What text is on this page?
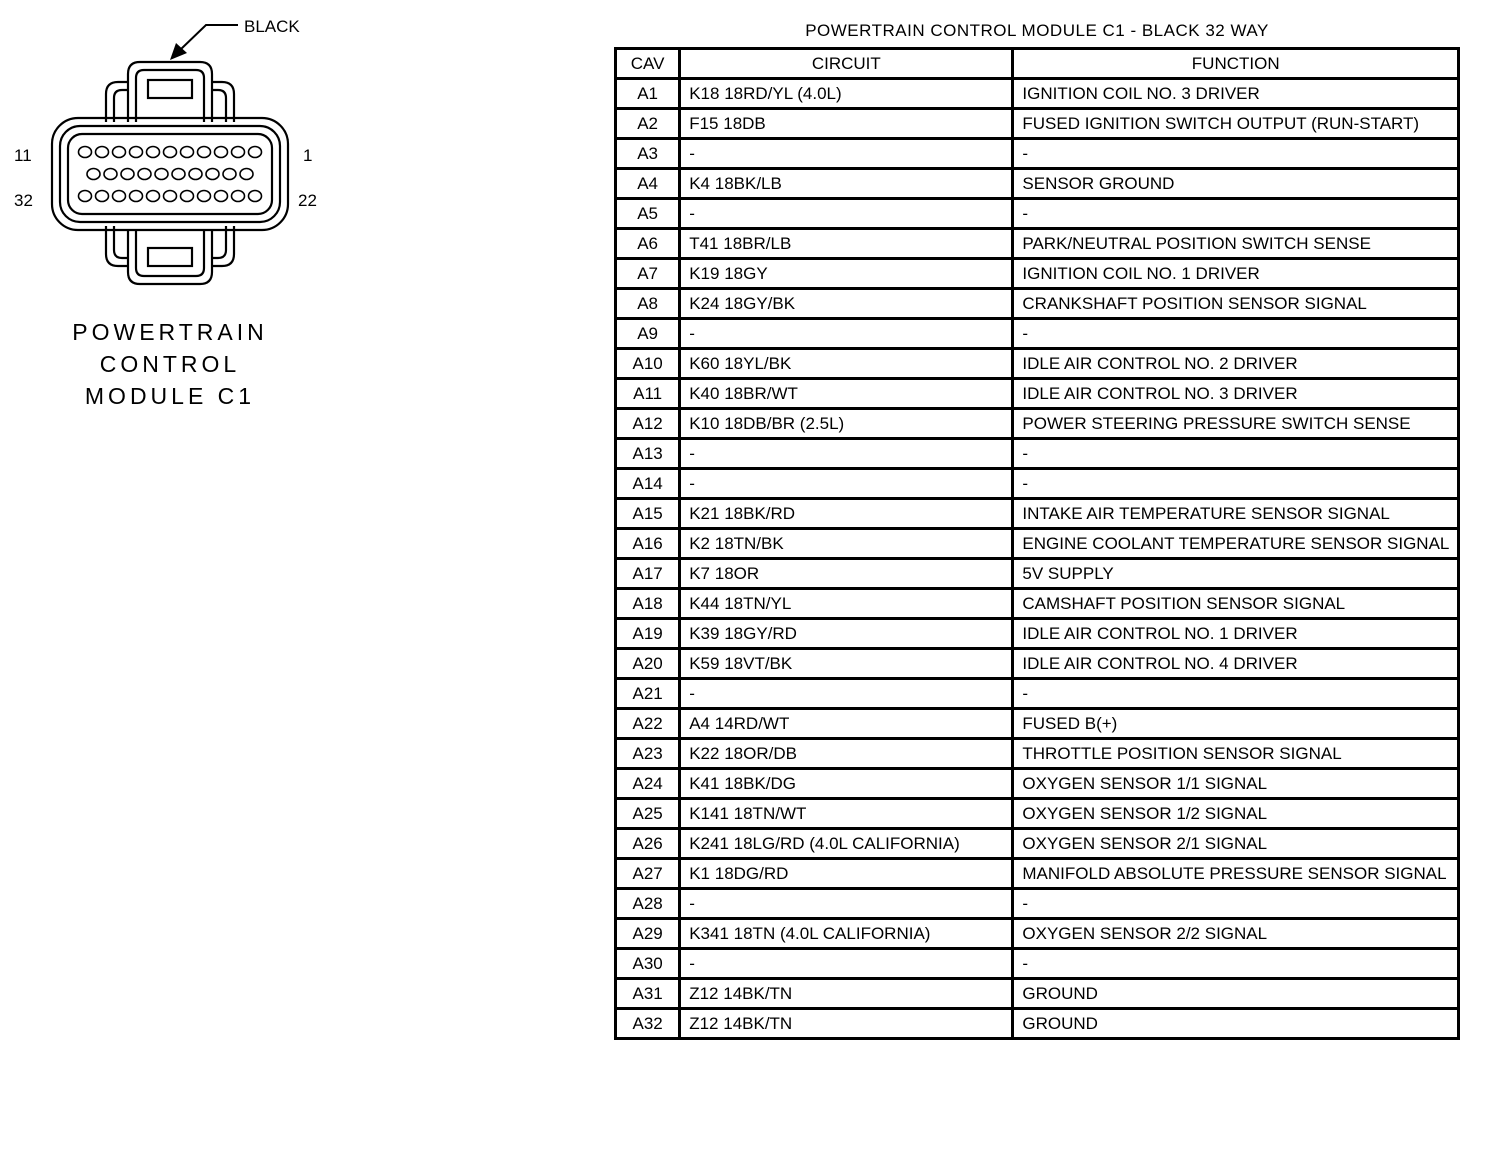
BLACK
11	1
32	22
POWERTRAIN
CONTROL
MODULE C1
POWERTRAIN CONTROL MODULE C1 - BLACK 32 WAY
CAV	CIRCUIT	FUNCTION
A1	K18 18RD/YL (4.0L)	IGNITION COIL NO. 3 DRIVER
A2	F15 18DB	FUSED IGNITION SWITCH OUTPUT (RUN-START)
A3	-	-
A4	K4 18BK/LB	SENSOR GROUND
A5	-	-
A6	T41 18BR/LB	PARK/NEUTRAL POSITION SWITCH SENSE
A7	K19 18GY	IGNITION COIL NO. 1 DRIVER
A8	K24 18GY/BK	CRANKSHAFT POSITION SENSOR SIGNAL
A9	-	-
A10	K60 18YL/BK	IDLE AIR CONTROL NO. 2 DRIVER
A11	K40 18BR/WT	IDLE AIR CONTROL NO. 3 DRIVER
A12	K10 18DB/BR (2.5L)	POWER STEERING PRESSURE SWITCH SENSE
A13	-	-
A14	-	-
A15	K21 18BK/RD	INTAKE AIR TEMPERATURE SENSOR SIGNAL
A16	K2 18TN/BK	ENGINE COOLANT TEMPERATURE SENSOR SIGNAL
A17	K7 18OR	5V SUPPLY
A18	K44 18TN/YL	CAMSHAFT POSITION SENSOR SIGNAL
A19	K39 18GY/RD	IDLE AIR CONTROL NO. 1 DRIVER
A20	K59 18VT/BK	IDLE AIR CONTROL NO. 4 DRIVER
A21	-	-
A22	A4 14RD/WT	FUSED B(+)
A23	K22 18OR/DB	THROTTLE POSITION SENSOR SIGNAL
A24	K41 18BK/DG	OXYGEN SENSOR 1/1 SIGNAL
A25	K141 18TN/WT	OXYGEN SENSOR 1/2 SIGNAL
A26	K241 18LG/RD (4.0L CALIFORNIA)	OXYGEN SENSOR 2/1 SIGNAL
A27	K1 18DG/RD	MANIFOLD ABSOLUTE PRESSURE SENSOR SIGNAL
A28	-	-
A29	K341 18TN (4.0L CALIFORNIA)	OXYGEN SENSOR 2/2 SIGNAL
A30	-	-
A31	Z12 14BK/TN	GROUND
A32	Z12 14BK/TN	GROUND
